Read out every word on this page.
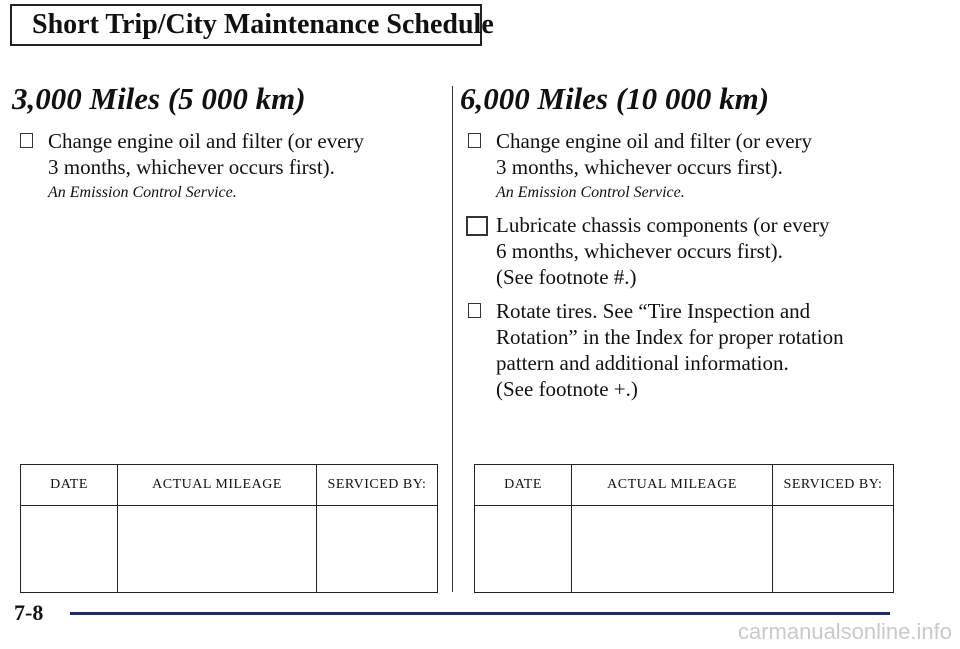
Short Trip/City Maintenance Schedule
3,000 Miles (5 000 km)
Change engine oil and filter (or every
3 months, whichever occurs first).
An Emission Control Service.
6,000 Miles (10 000 km)
Change engine oil and filter (or every
3 months, whichever occurs first).
An Emission Control Service.
Lubricate chassis components (or every
6 months, whichever occurs first).
(See footnote #.)
Rotate tires. See “Tire Inspection and
Rotation” in the Index for proper rotation
pattern and additional information.
(See footnote +.)
DATE	ACTUAL MILEAGE	SERVICED BY:
			DATE	ACTUAL MILEAGE	SERVICED BY:

7-8
carmanualsonline.info
